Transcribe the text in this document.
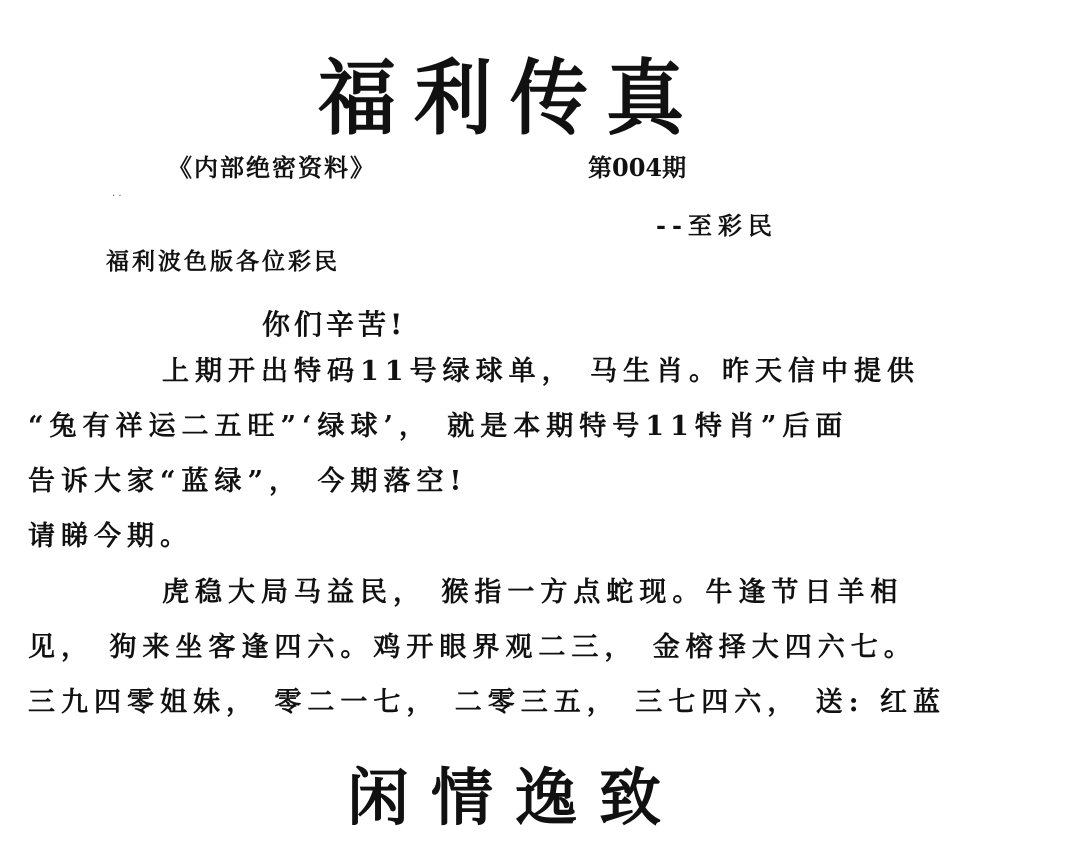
福利传真
《内部绝密资料》	第004期
. .
--至彩民
福利波色版各位彩民
你们辛苦!
上期开出特码11号绿球单， 马生肖。昨天信中提供
“兔有祥运二五旺”‘绿球’， 就是本期特号11特肖”后面
告诉大家“蓝绿”， 今期落空!
请睇今期。
虎稳大局马益民， 猴指一方点蛇现。牛逢节日羊相
见， 狗来坐客逢四六。鸡开眼界观二三， 金榕择大四六七。
三九四零姐妹， 零二一七， 二零三五， 三七四六， 送: 红蓝
闲情逸致
